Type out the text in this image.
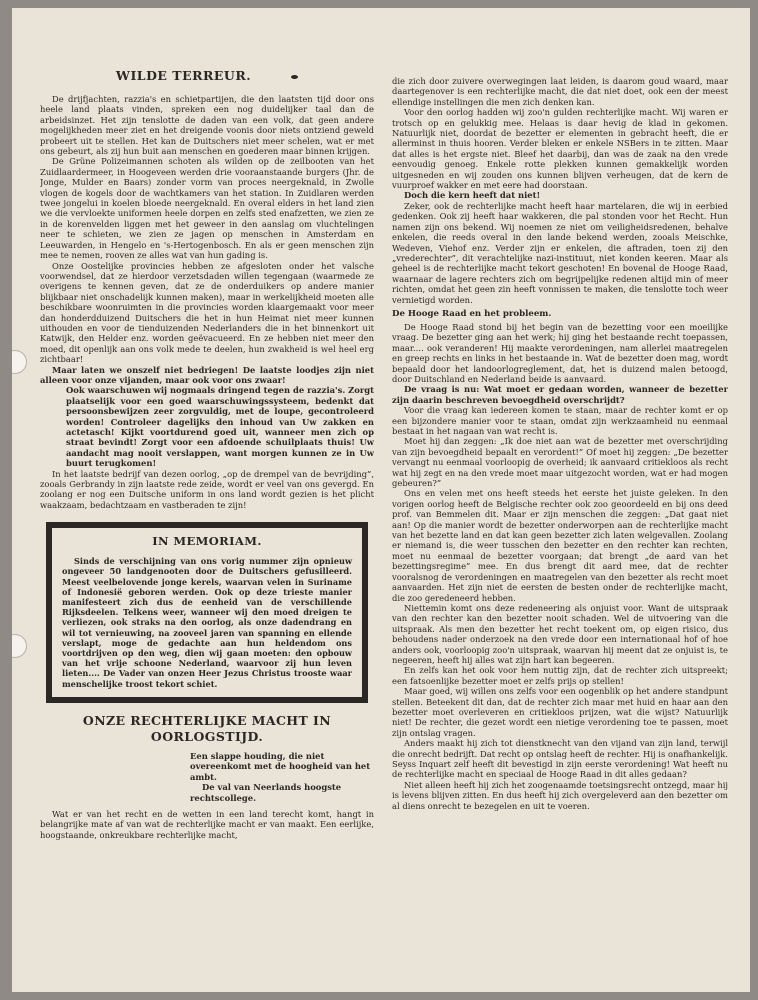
WILDE TERREUR.

De drijfjachten, razzia's en schietpartijen, die den laatsten tijd door ons heele land plaats vinden, spreken een nog duidelijker taal dan de arbeidsinzet. Het zijn tenslotte de daden van een volk, dat geen andere mogelijkheden meer ziet en het dreigende voonis door niets ontziend geweld probeert uit te stellen. Het kan de Duitschers niet meer schelen, wat er met ons gebeurt, als zij hun buit aan menschen en goederen maar binnen krijgen.

De Grüne Polizeimannen schoten als wilden op de zeilbooten van het Zuidlaardermeer, in Hoogeveen werden drie vooraanstaande burgers (Jhr. de Jonge, Mulder en Baars) zonder vorm van proces neergeknald, in Zwolle vlogen de kogels door de wachtkamers van het station. In Zuidlaren werden twee jongelui in koelen bloede neergeknald. En overal elders in het land zien we die vervloekte uniformen heele dorpen en zelfs sted enafzetten, we zien ze in de korenvelden liggen met het geweer in den aanslag om vluchtelingen neer te schieten, we zien ze jagen op menschen in Amsterdam en Leeuwarden, in Hengelo en 's-Hertogenbosch. En als er geen menschen zijn mee te nemen, rooven ze alles wat van hun gading is.

Onze Oostelijke provincies hebben ze afgesloten onder het valsche voorwendsel, dat ze hierdoor verzetsdaden willen tegengaan (waarmede ze overigens te kennen geven, dat ze de onderduikers op andere manier blijkbaar niet onschadelijk kunnen maken), maar in werkelijkheid moeten alle beschikbare woonruimten in die provincies worden klaargemaakt voor meer dan honderdduizend Duitschers die het in hun Heimat niet meer kunnen uithouden en voor de tienduizenden Nederlanders die in het binnenkort uit Katwijk, den Helder enz. worden geëvacueerd. En ze hebben niet meer den moed, dit openlijk aan ons volk mede te deelen, hun zwakheid is wel heel erg zichtbaar!

Maar laten we onszelf niet bedriegen! De laatste loodjes zijn niet alleen voor onze vijanden, maar ook voor ons zwaar!

Ook waarschuwen wij nogmaals dringend tegen de razzia's. Zorgt plaatselijk voor een goed waarschuwingssysteem, bedenkt dat persoonsbewijzen zeer zorgvuldig, met de loupe, gecontroleerd worden! Controleer dagelijks den inhoud van Uw zakken en actetasch! Kijkt voortdurend goed uit, wanneer men zich op straat bevindt! Zorgt voor een afdoende schuilplaats thuis! Uw aandacht mag nooit verslappen, want morgen kunnen ze in Uw buurt terugkomen!

In het laatste bedrijf van dezen oorlog, „op de drempel van de bevrijding”, zooals Gerbrandy in zijn laatste rede zeide, wordt er veel van ons gevergd. En zoolang er nog een Duitsche uniform in ons land wordt gezien is het plicht waakzaam, bedachtzaam en vastberaden te zijn!

IN MEMORIAM.

Sinds de verschijning van ons vorig nummer zijn opnieuw ongeveer 50 landgenooten door de Duitschers gefusilleerd. Meest veelbelovende jonge kerels, waarvan velen in Suriname of Indonesië geboren werden. Ook op deze trieste manier manifesteert zich dus de eenheid van de verschillende Rijksdeelen. Telkens weer, wanneer wij den moed dreigen te verliezen, ook straks na den oorlog, als onze dadendrang en wil tot vernieuwing, na zooveel jaren van spanning en ellende verslapt, moge de gedachte aan hun heldendom ons voortdrijven op den weg, dien wij gaan moeten: den opbouw van het vrije schoone Nederland, waarvoor zij hun leven lieten.... De Vader van onzen Heer Jezus Christus trooste waar menschelijke troost tekort schiet.

ONZE RECHTERLIJKE MACHT IN OORLOGSTIJD.

Een slappe houding, die niet overeenkomt met de hoogheid van het ambt.

De val van Neerlands hoogste rechtscollege.

Wat er van het recht en de wetten in een land terecht komt, hangt in belangrijke mate af van wat de rechterlijke macht er van maakt. Een eerlijke, hoogstaande, onkreukbare rechterlijke macht,

die zich door zuivere overwegingen laat leiden, is daarom goud waard, maar daartegenover is een rechterlijke macht, die dat niet doet, ook een der meest ellendige instellingen die men zich denken kan.

Voor den oorlog hadden wij zoo'n gulden rechterlijke macht. Wij waren er trotsch op en gelukkig mee. Helaas is daar hevig de klad in gekomen. Natuurlijk niet, doordat de bezetter er elementen in gebracht heeft, die er allerminst in thuis hooren. Verder bleken er enkele NSBers in te zitten. Maar dat alles is het ergste niet. Bleef het daarbij, dan was de zaak na den vrede eenvoudig genoeg. Enkele rotte plekken kunnen gemakkelijk worden uitgesneden en wij zouden ons kunnen blijven verheugen, dat de kern de vuurproef wakker en met eere had doorstaan.

Doch die kern heeft dat niet!

Zeker, ook de rechterlijke macht heeft haar martelaren, die wij in eerbied gedenken. Ook zij heeft haar wakkeren, die pal stonden voor het Recht. Hun namen zijn ons bekend. Wij noemen ze niet om veiligheidsredenen, behalve enkelen, die reeds overal in den lande bekend werden, zooals Meischke, Wedeven, Viehof enz. Verder zijn er enkelen, die aftraden, toen zij den „vrederechter”, dit verachtelijke nazi-instituut, niet konden keeren. Maar als geheel is de rechterlijke macht tekort geschoten! En bovenal de Hooge Raad, waarnaar de lagere rechters zich om begrijpelijke redenen altijd min of meer richten, omdat het geen zin heeft vonnissen te maken, die tenslotte toch weer vernietigd worden.

De Hooge Raad en het probleem.

De Hooge Raad stond bij het begin van de bezetting voor een moeilijke vraag. De bezetter ging aan het werk; hij ging het bestaande recht toepassen, maar.... ook veranderen! Hij maakte verordeningen, nam allerlei maatregelen en greep rechts en links in het bestaande in. Wat de bezetter doen mag, wordt bepaald door het landoorlogreglement, dat, het is duizend malen betoogd, door Duitschland en Nederland beide is aanvaard.

De vraag is nu: Wat moet er gedaan worden, wanneer de bezetter zijn daarin beschreven bevoegdheid overschrijdt?

Voor die vraag kan iedereen komen te staan, maar de rechter komt er op een bijzondere manier voor te staan, omdat zijn werkzaamheid nu eenmaal bestaat in het nagaan van wat recht is.

Moet hij dan zeggen: „Ik doe niet aan wat de bezetter met overschrijding van zijn bevoegdheid bepaalt en verordent!” Of moet hij zeggen: „De bezetter vervangt nu eenmaal voorloopig de overheid; ik aanvaard critiekloos als recht wat hij zegt en na den vrede moet maar uitgezocht worden, wat er had mogen gebeuren?”

Ons en velen met ons heeft steeds het eerste het juiste geleken. In den vorigen oorlog heeft de Belgische rechter ook zoo geoordeeld en bij ons deed prof. van Bemmelen dit. Maar er zijn menschen die zeggen: „Dat gaat niet aan! Op die manier wordt de bezetter onderworpen aan de rechterlijke macht van het bezette land en dat kan geen bezetter zich laten welgevallen. Zoolang er niemand is, die weer tusschen den bezetter en den rechter kan rechten, moet nu eenmaal de bezetter voorgaan; dat brengt „de aard van het bezettingsregime” mee. En dus brengt dit aard mee, dat de rechter vooralsnog de verordeningen en maatregelen van den bezetter als recht moet aanvaarden. Het zijn niet de eersten de besten onder de rechterlijke macht, die zoo geredeneerd hebben.

Niettemin komt ons deze redeneering als onjuist voor. Want de uitspraak van den rechter kan den bezetter nooit schaden. Wel de uitvoering van die uitspraak. Als men den bezetter het recht toekent om, op eigen risico, dus behoudens nader onderzoek na den vrede door een internationaal hof of hoe anders ook, voorloopig zoo'n uitspraak, waarvan hij meent dat ze onjuist is, te negeeren, heeft hij alles wat zijn hart kan begeeren.

En zelfs kan het ook voor hem nuttig zijn, dat de rechter zich uitspreekt; een fatsoenlijke bezetter moet er zelfs prijs op stellen!

Maar goed, wij willen ons zelfs voor een oogenblik op het andere standpunt stellen. Beteekent dit dan, dat de rechter zich maar met huid en haar aan den bezetter moet overleveren en critiekloos prijzen, wat die wijst? Natuurlijk niet! De rechter, die gezet wordt een nietige verordening toe te passen, moet zijn ontslag vragen.

Anders maakt hij zich tot dienstknecht van den vijand van zijn land, terwijl die onrecht bedrijft. Dat recht op ontslag heeft de rechter. Hij is onafhankelijk. Seyss Inquart zelf heeft dit bevestigd in zijn eerste verordening! Wat heeft nu de rechterlijke macht en speciaal de Hooge Raad in dit alles gedaan?

Niet alleen heeft hij zich het zoogenaamde toetsingsrecht ontzegd, maar hij is levens blijven zitten. En dus heeft hij zich overgeleverd aan den bezetter om al diens onrecht te bezegelen en uit te voeren.
